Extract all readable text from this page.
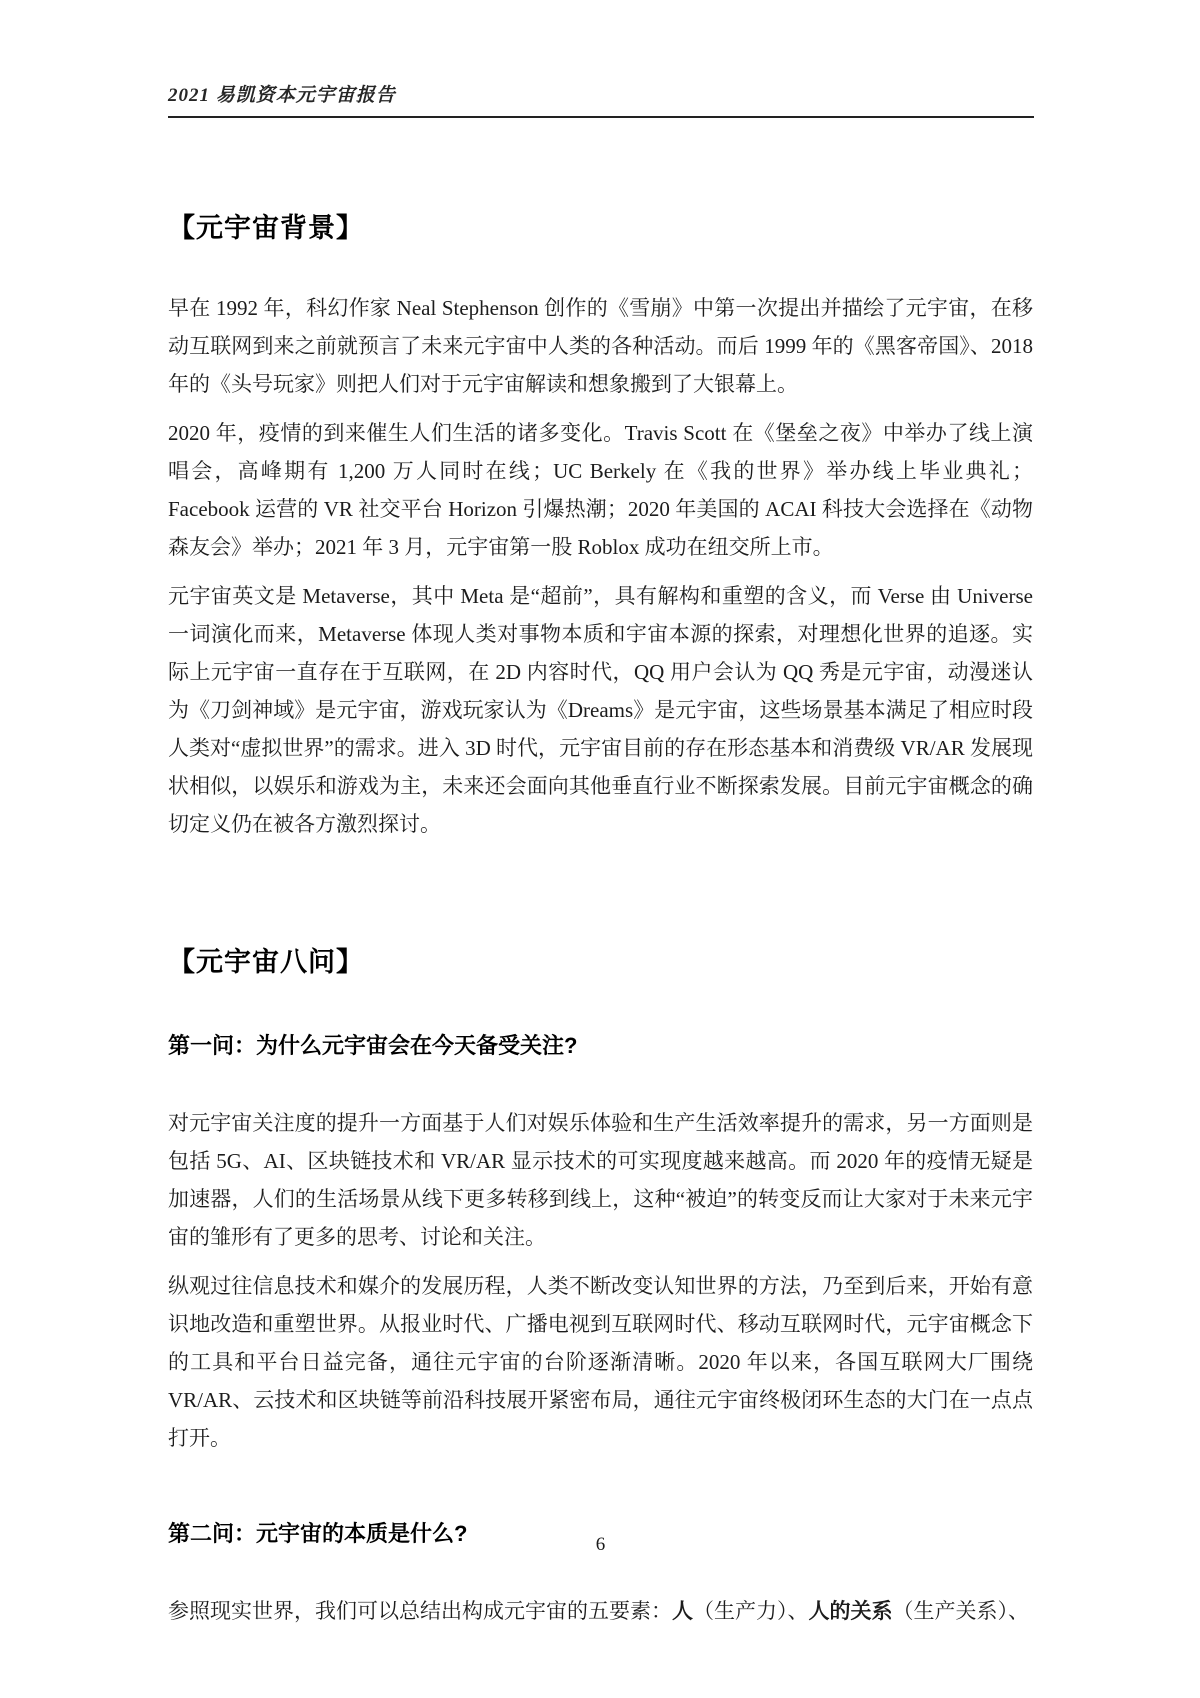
2021 易凯资本元宇宙报告
【元宇宙背景】

早在 1992 年，科幻作家 Neal Stephenson 创作的《雪崩》中第一次提出并描绘了元宇宙，在移动互联网到来之前就预言了未来元宇宙中人类的各种活动。而后 1999 年的《黑客帝国》、2018 年的《头号玩家》则把人们对于元宇宙解读和想象搬到了大银幕上。

2020 年，疫情的到来催生人们生活的诸多变化。Travis Scott 在《堡垒之夜》中举办了线上演唱会，高峰期有 1,200 万人同时在线；UC Berkely 在《我的世界》举办线上毕业典礼；Facebook 运营的 VR 社交平台 Horizon 引爆热潮；2020 年美国的 ACAI 科技大会选择在《动物森友会》举办；2021 年 3 月，元宇宙第一股 Roblox 成功在纽交所上市。

元宇宙英文是 Metaverse，其中 Meta 是“超前”，具有解构和重塑的含义，而 Verse 由 Universe 一词演化而来，Metaverse 体现人类对事物本质和宇宙本源的探索，对理想化世界的追逐。实际上元宇宙一直存在于互联网，在 2D 内容时代，QQ 用户会认为 QQ 秀是元宇宙，动漫迷认为《刀剑神域》是元宇宙，游戏玩家认为《Dreams》是元宇宙，这些场景基本满足了相应时段人类对“虚拟世界”的需求。进入 3D 时代，元宇宙目前的存在形态基本和消费级 VR/AR 发展现状相似，以娱乐和游戏为主，未来还会面向其他垂直行业不断探索发展。目前元宇宙概念的确切定义仍在被各方激烈探讨。

【元宇宙八问】
第一问：为什么元宇宙会在今天备受关注?

对元宇宙关注度的提升一方面基于人们对娱乐体验和生产生活效率提升的需求，另一方面则是包括 5G、AI、区块链技术和 VR/AR 显示技术的可实现度越来越高。而 2020 年的疫情无疑是加速器，人们的生活场景从线下更多转移到线上，这种“被迫”的转变反而让大家对于未来元宇宙的雏形有了更多的思考、讨论和关注。

纵观过往信息技术和媒介的发展历程，人类不断改变认知世界的方法，乃至到后来，开始有意识地改造和重塑世界。从报业时代、广播电视到互联网时代、移动互联网时代，元宇宙概念下的工具和平台日益完备，通往元宇宙的台阶逐渐清晰。2020 年以来，各国互联网大厂围绕 VR/AR、云技术和区块链等前沿科技展开紧密布局，通往元宇宙终极闭环生态的大门在一点点打开。

第二问：元宇宙的本质是什么?

参照现实世界，我们可以总结出构成元宇宙的五要素：人（生产力）、人的关系（生产关系）、

6
